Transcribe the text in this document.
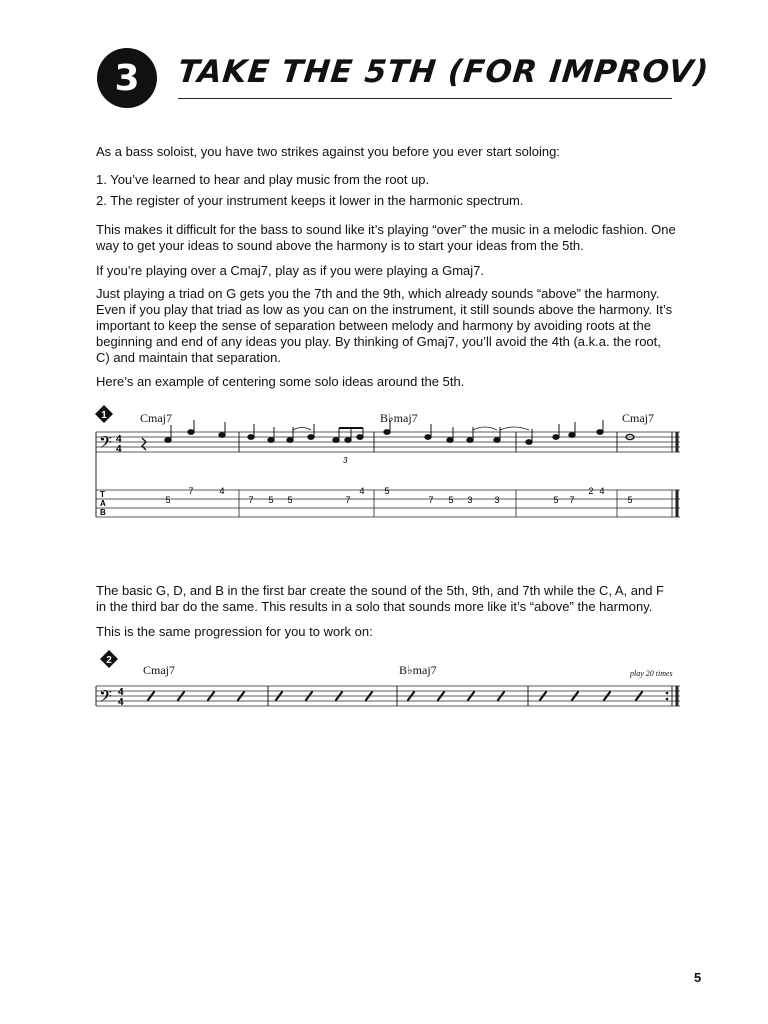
3 TAKE THE 5TH (FOR IMPROV)

As a bass soloist, you have two strikes against you before you ever start soloing:

1. You’ve learned to hear and play music from the root up.

2. The register of your instrument keeps it lower in the harmonic spectrum.

This makes it difficult for the bass to sound like it’s playing “over” the music in a melodic fashion. One way to get your ideas to sound above the harmony is to start your ideas from the 5th.

If you’re playing over a Cmaj7, play as if you were playing a Gmaj7.

Just playing a triad on G gets you the 7th and the 9th, which already sounds “above” the harmony. Even if you play that triad as low as you can on the instrument, it still sounds above the harmony. It’s important to keep the sense of separation between melody and harmony by avoiding roots at the beginning and end of any ideas you play. By thinking of Gmaj7, you’ll avoid the 4th (a.k.a. the root, C) and maintain that separation.

Here’s an example of centering some solo ideas around the 5th.

1	Cmaj7	B♭maj7	Cmaj7
𝄢 4
4
3
T
A
B
5
7	4
7 5 5	7
4 5
7 5 3 3	5 7
2 4
5

The basic G, D, and B in the first bar create the sound of the 5th, 9th, and 7th while the C, A, and F in the third bar do the same. This results in a solo that sounds more like it’s “above” the harmony.

This is the same progression for you to work on:

2
Cmaj7	B♭maj7	play 20 times
𝄢 4
4
5
